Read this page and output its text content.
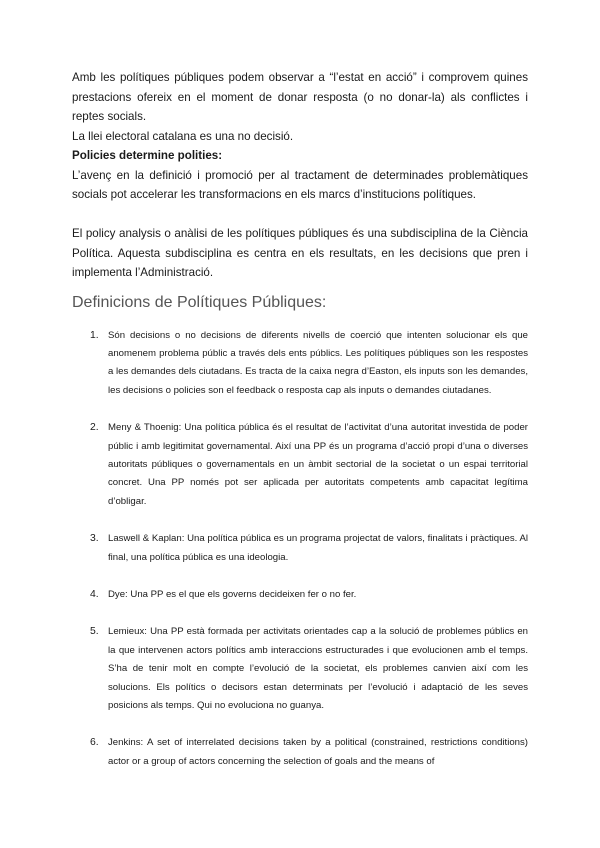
Amb les polítiques públiques podem observar a “l’estat en acció” i comprovem quines prestacions ofereix en el moment de donar resposta (o no donar-la) als conflictes i reptes socials.

La llei electoral catalana es una no decisió.

Policies determine polities:

L’avenç en la definició i promoció per al tractament de determinades problemàtiques socials pot accelerar les transformacions en els marcs d’institucions polítiques.

El policy analysis o anàlisi de les polítiques públiques és una subdisciplina de la Ciència Política. Aquesta subdisciplina es centra en els resultats, en les decisions que pren i implementa l’Administració.

Definicions de Polítiques Públiques:
1. Són decisions o no decisions de diferents nivells de coerció que intenten solucionar els que anomenem problema públic a través dels ents públics. Les polítiques públiques son les respostes a les demandes dels ciutadans. Es tracta de la caixa negra d’Easton, els inputs son les demandes, les decisions o policies son el feedback o resposta cap als inputs o demandes ciutadanes.

2. Meny & Thoenig: Una política pública és el resultat de l’activitat d’una autoritat investida de poder públic i amb legitimitat governamental. Així una PP és un programa d’acció propi d’una o diverses autoritats públiques o governamentals en un àmbit sectorial de la societat o un espai territorial concret. Una PP només pot ser aplicada per autoritats competents amb capacitat legítima d’obligar.

3. Laswell & Kaplan: Una política pública es un programa projectat de valors, finalitats i pràctiques. Al final, una política pública es una ideologia.

4. Dye: Una PP es el que els governs decideixen fer o no fer.

5. Lemieux: Una PP està formada per activitats orientades cap a la solució de problemes públics en la que intervenen actors polítics amb interaccions estructurades i que evolucionen amb el temps. S’ha de tenir molt en compte l’evolució de la societat, els problemes canvien així com les solucions. Els polítics o decisors estan determinats per l’evolució i adaptació de les seves posicions als temps. Qui no evoluciona no guanya.

6. Jenkins: A set of interrelated decisions taken by a political (constrained, restrictions conditions) actor or a group of actors concerning the selection of goals and the means of
